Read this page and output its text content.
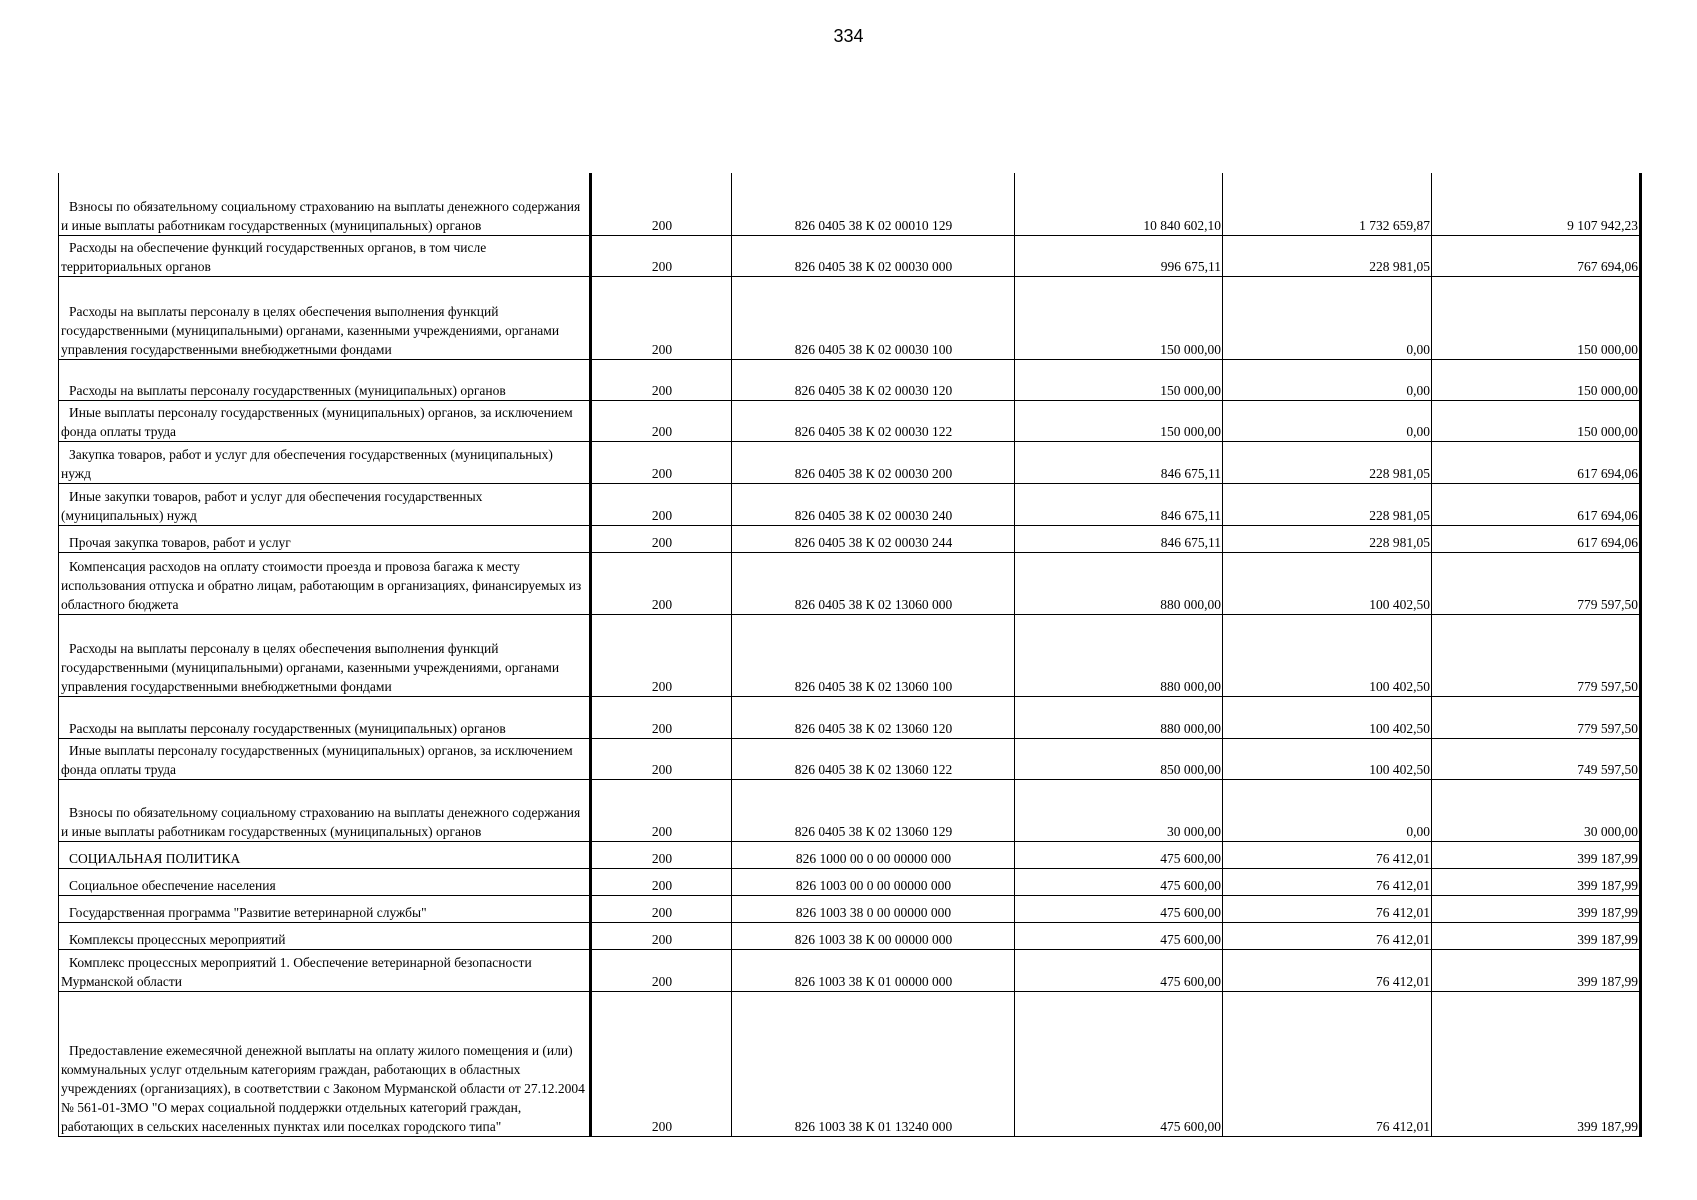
334
Взносы по обязательному социальному страхованию на выплаты денежного содержания и иные выплаты работникам государственных (муниципальных) органов	200	826 0405 38 К 02 00010 129	10 840 602,10	1 732 659,87	9 107 942,23
Расходы на обеспечение функций государственных органов, в том числе территориальных органов	200	826 0405 38 К 02 00030 000	996 675,11	228 981,05	767 694,06
Расходы на выплаты персоналу в целях обеспечения выполнения функций государственными (муниципальными) органами, казенными учреждениями, органами управления государственными внебюджетными фондами	200	826 0405 38 К 02 00030 100	150 000,00	0,00	150 000,00
Расходы на выплаты персоналу государственных (муниципальных) органов	200	826 0405 38 К 02 00030 120	150 000,00	0,00	150 000,00
Иные выплаты персоналу государственных (муниципальных) органов, за исключением фонда оплаты труда	200	826 0405 38 К 02 00030 122	150 000,00	0,00	150 000,00
Закупка товаров, работ и услуг для обеспечения государственных (муниципальных) нужд	200	826 0405 38 К 02 00030 200	846 675,11	228 981,05	617 694,06
Иные закупки товаров, работ и услуг для обеспечения государственных (муниципальных) нужд	200	826 0405 38 К 02 00030 240	846 675,11	228 981,05	617 694,06
Прочая закупка товаров, работ и услуг	200	826 0405 38 К 02 00030 244	846 675,11	228 981,05	617 694,06
Компенсация расходов на оплату стоимости проезда и провоза багажа к месту использования отпуска и обратно лицам, работающим в организациях, финансируемых из областного бюджета	200	826 0405 38 К 02 13060 000	880 000,00	100 402,50	779 597,50
Расходы на выплаты персоналу в целях обеспечения выполнения функций государственными (муниципальными) органами, казенными учреждениями, органами управления государственными внебюджетными фондами	200	826 0405 38 К 02 13060 100	880 000,00	100 402,50	779 597,50
Расходы на выплаты персоналу государственных (муниципальных) органов	200	826 0405 38 К 02 13060 120	880 000,00	100 402,50	779 597,50
Иные выплаты персоналу государственных (муниципальных) органов, за исключением фонда оплаты труда	200	826 0405 38 К 02 13060 122	850 000,00	100 402,50	749 597,50
Взносы по обязательному социальному страхованию на выплаты денежного содержания и иные выплаты работникам государственных (муниципальных) органов	200	826 0405 38 К 02 13060 129	30 000,00	0,00	30 000,00
СОЦИАЛЬНАЯ ПОЛИТИКА	200	826 1000 00 0 00 00000 000	475 600,00	76 412,01	399 187,99
Социальное обеспечение населения	200	826 1003 00 0 00 00000 000	475 600,00	76 412,01	399 187,99
Государственная программа "Развитие ветеринарной службы"	200	826 1003 38 0 00 00000 000	475 600,00	76 412,01	399 187,99
Комплексы процессных мероприятий	200	826 1003 38 К 00 00000 000	475 600,00	76 412,01	399 187,99
Комплекс процессных мероприятий 1. Обеспечение ветеринарной безопасности Мурманской области	200	826 1003 38 К 01 00000 000	475 600,00	76 412,01	399 187,99
Предоставление ежемесячной денежной выплаты на оплату жилого помещения и (или) коммунальных услуг отдельным категориям граждан, работающих в областных учреждениях (организациях), в соответствии с Законом Мурманской области от 27.12.2004 № 561-01-ЗМО "О мерах социальной поддержки отдельных категорий граждан, работающих в сельских населенных пунктах или поселках городского типа"	200	826 1003 38 К 01 13240 000	475 600,00	76 412,01	399 187,99
